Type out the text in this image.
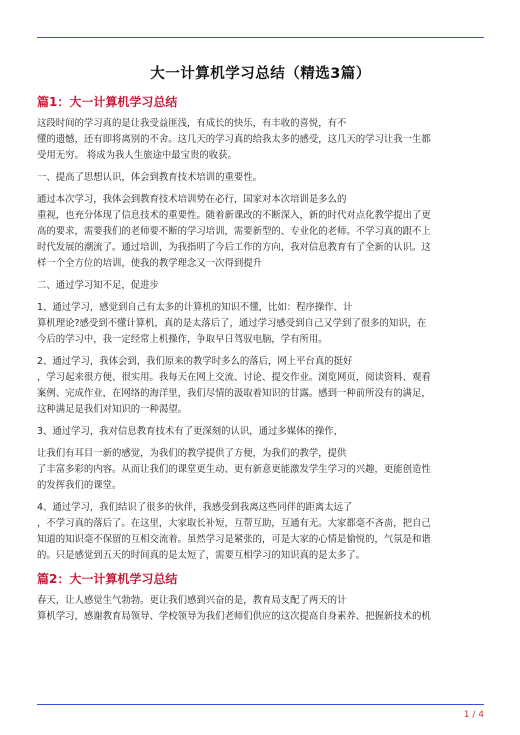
大一计算机学习总结（精选3篇）
篇1：大一计算机学习总结
这段时间的学习真的是让我受益匪浅，有成长的快乐，有丰收的喜悦，有不
懂的遗憾，还有即将离别的不舍。这几天的学习真的给我太多的感受，这几天的学习让我一生都
受用无穷。 将成为我人生旅途中最宝贵的收获。
一、提高了思想认识，体会到教育技术培训的重要性。
通过本次学习，我体会到教育技术培训势在必行，国家对本次培训是多么的
重视，也充分体现了信息技术的重要性。随着新课改的不断深入，新的时代对点化教学提出了更
高的要求，需要我们的老师要不断的学习培训，需要新型的、专业化的老师。不学习真的跟不上
时代发展的潮流了。通过培训，为我指明了今后工作的方向，我对信息教育有了全新的认识。这
样一个全方位的培训，使我的教学理念又一次得到提升
二、通过学习知不足，促进步
1、通过学习，感觉到自己有太多的计算机的知识不懂，比如：程序操作、计
算机理论?感受到不懂计算机，真的是太落后了，通过学习感受到自己又学到了很多的知识，在
今后的学习中，我一定经常上机操作，争取早日驾驭电脑，学有所用。
2、通过学习，我体会到，我们原来的教学时多么的落后，网上平台真的挺好
，学习起来很方便、很实用。我每天在网上交流、讨论、提交作业。浏览网页，阅读资料、观看
案例、完成作业，在网络的海洋里，我们尽情的汲取着知识的甘露。感到一种前所没有的满足，
这种满足是我们对知识的一种渴望。
3、通过学习，我对信息教育技术有了更深刻的认识，通过多媒体的操作，
让我们有耳目一新的感觉，为我们的教学提供了方便，为我们的教学，提供
了丰富多彩的内容。从而让我们的课堂更生动、更有新意更能激发学生学习的兴趣，更能创造性
的发挥我们的课堂。
4、通过学习，我们结识了很多的伙伴，我感受到我离这些同伴的距离太远了
，不学习真的落后了。在这里，大家取长补短，互帮互助，互通有无。大家都毫不吝啬，把自己
知道的知识毫不保留的互相交流着。虽然学习是紧张的，可是大家的心情是愉悦的，气氛是和谐
的。只是感觉到五天的时间真的是太短了，需要互相学习的知识真的是太多了。
篇2：大一计算机学习总结
春天，让人感觉生气勃勃。更让我们感到兴奋的是，教育局支配了两天的计
算机学习，感谢教育局领导、学校领导为我们老师们供应的这次提高自身素养、把握新技术的机
1 / 4
